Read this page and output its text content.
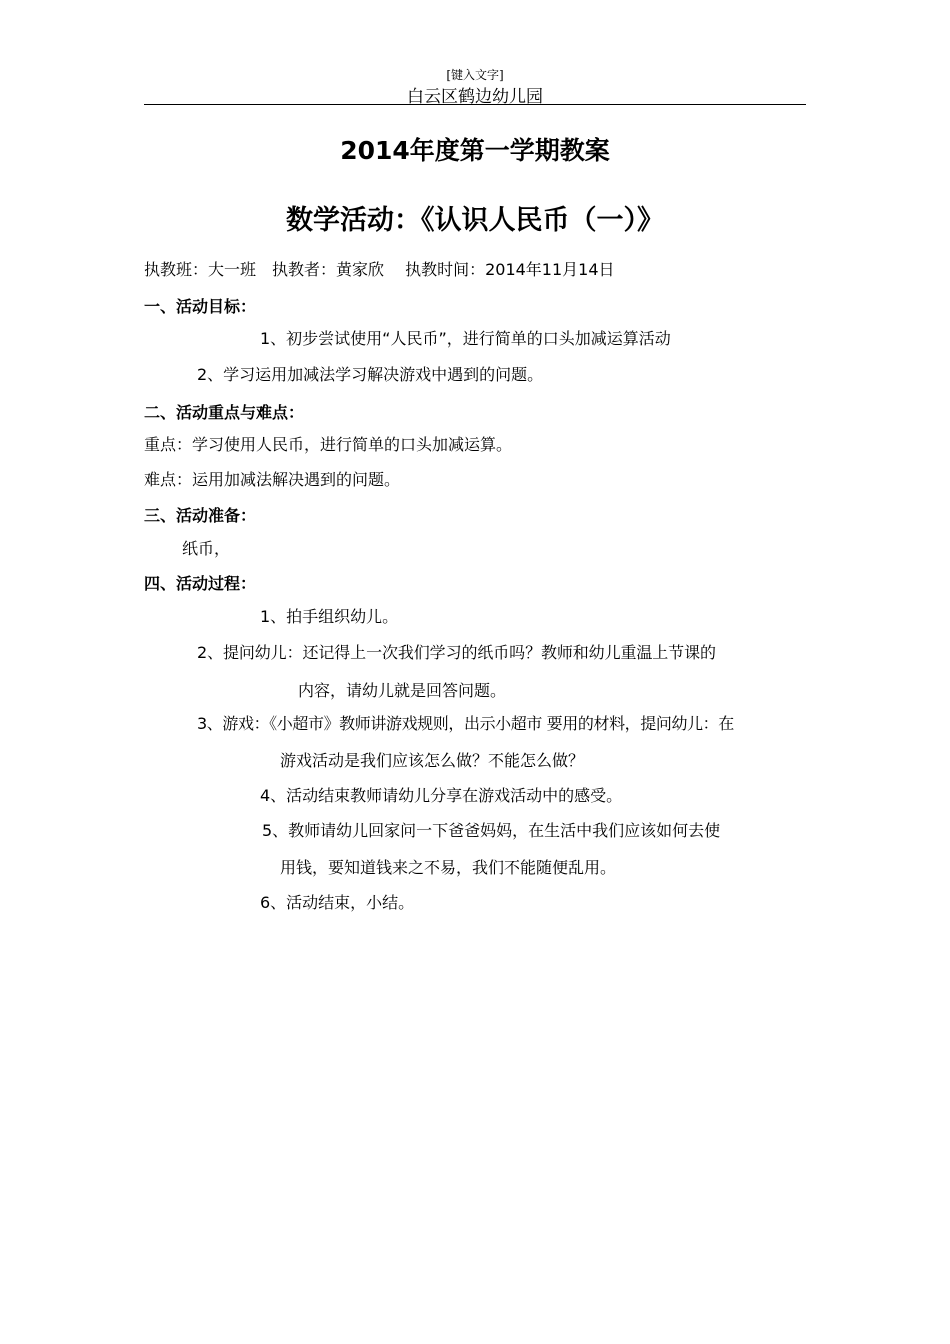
[键入文字]
白云区鹤边幼儿园
2014年度第一学期教案
数学活动：《认识人民币（一）》
执教班：大一班　执教者：黄家欣　 执教时间：2014年11月14日
一、活动目标：
1、初步尝试使用“人民币”，进行简单的口头加减运算活动
2、学习运用加减法学习解决游戏中遇到的问题。
二、活动重点与难点：
重点：学习使用人民币，进行简单的口头加减运算。
难点：运用加减法解决遇到的问题。
三、活动准备：
纸币，
四、活动过程：
1、拍手组织幼儿。
2、提问幼儿：还记得上一次我们学习的纸币吗？教师和幼儿重温上节课的
内容，请幼儿就是回答问题。
3、游戏：《小超市》教师讲游戏规则，出示小超市 要用的材料，提问幼儿：在
游戏活动是我们应该怎么做？不能怎么做？
4、活动结束教师请幼儿分享在游戏活动中的感受。
5、教师请幼儿回家问一下爸爸妈妈，在生活中我们应该如何去使
用钱，要知道钱来之不易，我们不能随便乱用。
6、活动结束，小结。
